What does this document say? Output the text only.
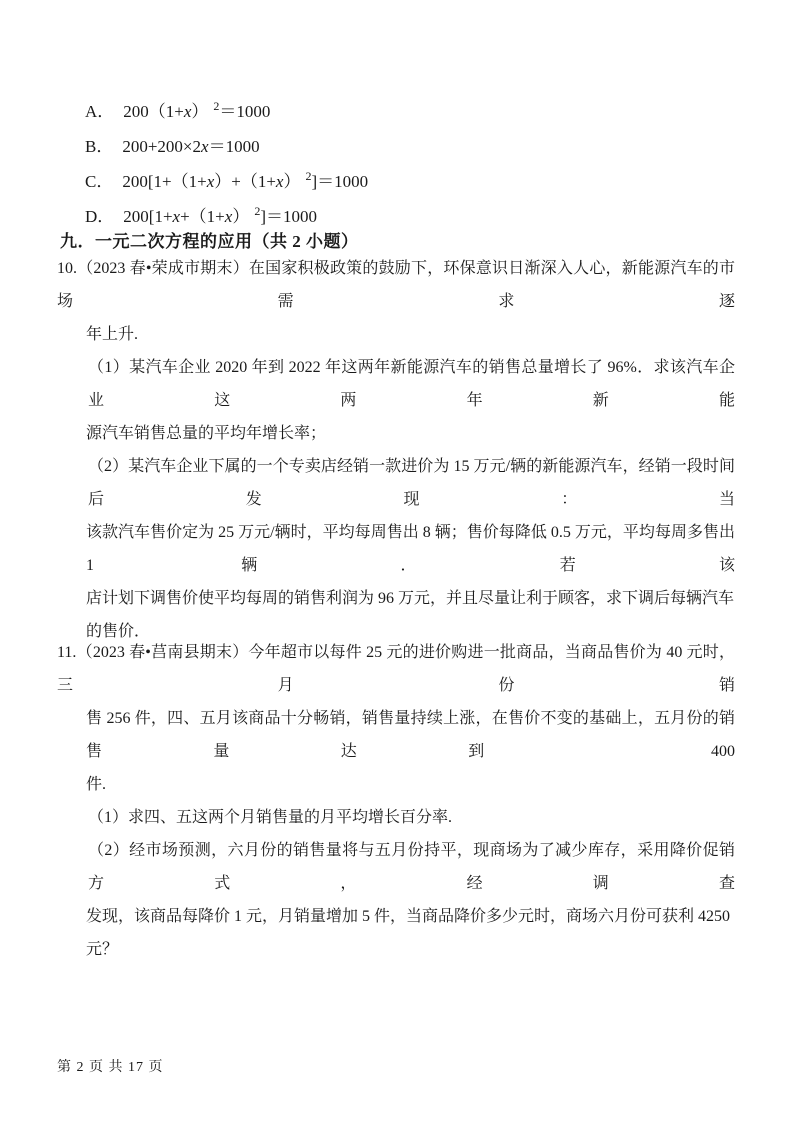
A． 200（1+x） $^2$＝1000
B． 200+200×2x＝1000
C． 200[1+（1+x）+（1+x） $^2$]＝1000
D． 200[1+x+（1+x） $^2$]＝1000
九．一元二次方程的应用（共 2 小题）
10.（2023 春•荣成市期末）在国家积极政策的鼓励下，环保意识日渐深入人心，新能源汽车的市场需求逐
年上升.
（1）某汽车企业 2020 年到 2022 年这两年新能源汽车的销售总量增长了 96%．求该汽车企业这两年新能
源汽车销售总量的平均年增长率；
（2）某汽车企业下属的一个专卖店经销一款进价为 15 万元/辆的新能源汽车，经销一段时间后发现：当
该款汽车售价定为 25 万元/辆时，平均每周售出 8 辆；售价每降低 0.5 万元，平均每周多售出 1 辆．若该
店计划下调售价使平均每周的销售利润为 96 万元，并且尽量让利于顾客，求下调后每辆汽车的售价．
11.（2023 春•莒南县期末）今年超市以每件 25 元的进价购进一批商品，当商品售价为 40 元时，三月份销
售 256 件，四、五月该商品十分畅销，销售量持续上涨，在售价不变的基础上，五月份的销售量达到 400
件.
（1）求四、五这两个月销售量的月平均增长百分率.
（2）经市场预测，六月份的销售量将与五月份持平，现商场为了减少库存，采用降价促销方式，经调查
发现，该商品每降价 1 元，月销量增加 5 件，当商品降价多少元时，商场六月份可获利 4250 元？
第 2 页 共 17 页
